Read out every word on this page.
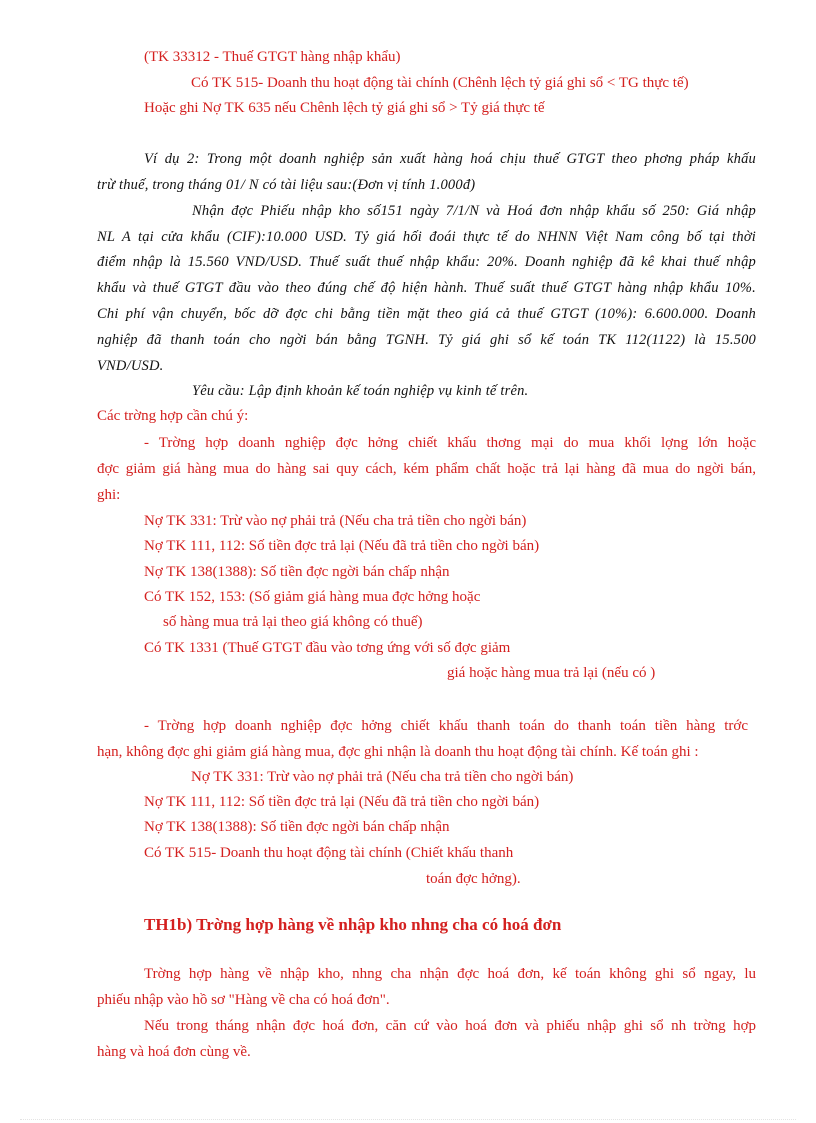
(TK 33312 - Thuế GTGT hàng nhập khẩu)
Có TK 515- Doanh thu hoạt động tài chính (Chênh lệch tỷ giá ghi sổ < TG thực tế)
Hoặc ghi Nợ TK 635 nếu Chênh lệch tỷ giá ghi sổ > Tỷ giá thực tế
Ví dụ 2: Trong một doanh nghiệp sản xuất hàng hoá chịu thuế GTGT theo phơng pháp khấu
trừ thuế, trong tháng 01/ N có tài liệu sau:(Đơn vị tính 1.000đ)
Nhận đợc Phiếu nhập kho số151 ngày 7/1/N và Hoá đơn nhập khẩu số 250: Giá nhập
NL A tại cửa khẩu (CIF):10.000 USD. Tỷ giá hối đoái thực tế do NHNN Việt Nam công bố tại thời
điểm nhập là 15.560 VND/USD. Thuế suất thuế nhập khẩu: 20%. Doanh nghiệp đã kê khai thuế nhập
khẩu và thuế GTGT đầu vào theo đúng chế độ hiện hành. Thuế suất thuế GTGT hàng nhập khẩu 10%.
Chi phí vận chuyển, bốc dỡ đợc chi bằng tiền mặt theo giá cả thuế GTGT (10%): 6.600.000. Doanh
nghiệp đã thanh toán cho ngời bán bằng TGNH. Tỷ giá ghi sổ kế toán TK 112(1122) là 15.500
VND/USD.
Yêu cầu: Lập định khoản kế toán nghiệp vụ kinh tế trên.
Các trờng hợp cần chú ý:
- Trờng hợp doanh nghiệp đợc hởng chiết khấu thơng mại do mua khối lợng lớn hoặc
đợc giảm giá hàng mua do hàng sai quy cách, kém phẩm chất hoặc trả lại hàng đã mua do ngời bán,
ghi:
Nợ TK 331: Trừ vào nợ phải trả (Nếu cha trả tiền cho ngời bán)
Nợ TK 111, 112: Số tiền đợc trả lại (Nếu đã trả tiền cho ngời bán)
Nợ TK 138(1388): Số tiền đợc ngời bán chấp nhận
Có TK 152, 153: (Số giảm giá hàng mua đợc hởng hoặc
số hàng mua trả lại theo giá không có thuế)
Có TK 1331 (Thuế GTGT đầu vào tơng ứng với số đợc giảm
giá hoặc hàng mua trả lại (nếu có )
- Trờng hợp doanh nghiệp đợc hởng chiết khấu thanh toán do thanh toán tiền hàng trớc
hạn, không đợc ghi giảm giá hàng mua, đợc ghi nhận là doanh thu hoạt động tài chính. Kế toán ghi :
Nợ TK 331: Trừ vào nợ phải trả (Nếu cha trả tiền cho ngời bán)
Nợ TK 111, 112: Số tiền đợc trả lại (Nếu đã trả tiền cho ngời bán)
Nợ TK 138(1388): Số tiền đợc ngời bán chấp nhận
Có TK 515- Doanh thu hoạt động tài chính (Chiết khấu thanh
toán đợc hởng).
TH1b) Trờng hợp hàng về nhập kho nhng cha có hoá đơn
Trờng hợp hàng về nhập kho, nhng cha nhận đợc hoá đơn, kế toán không ghi sổ ngay, lu
phiếu nhập vào hồ sơ "Hàng về cha có hoá đơn".
Nếu trong tháng nhận đợc hoá đơn, căn cứ vào hoá đơn và phiếu nhập ghi sổ nh trờng hợp
hàng và hoá đơn cùng về.
